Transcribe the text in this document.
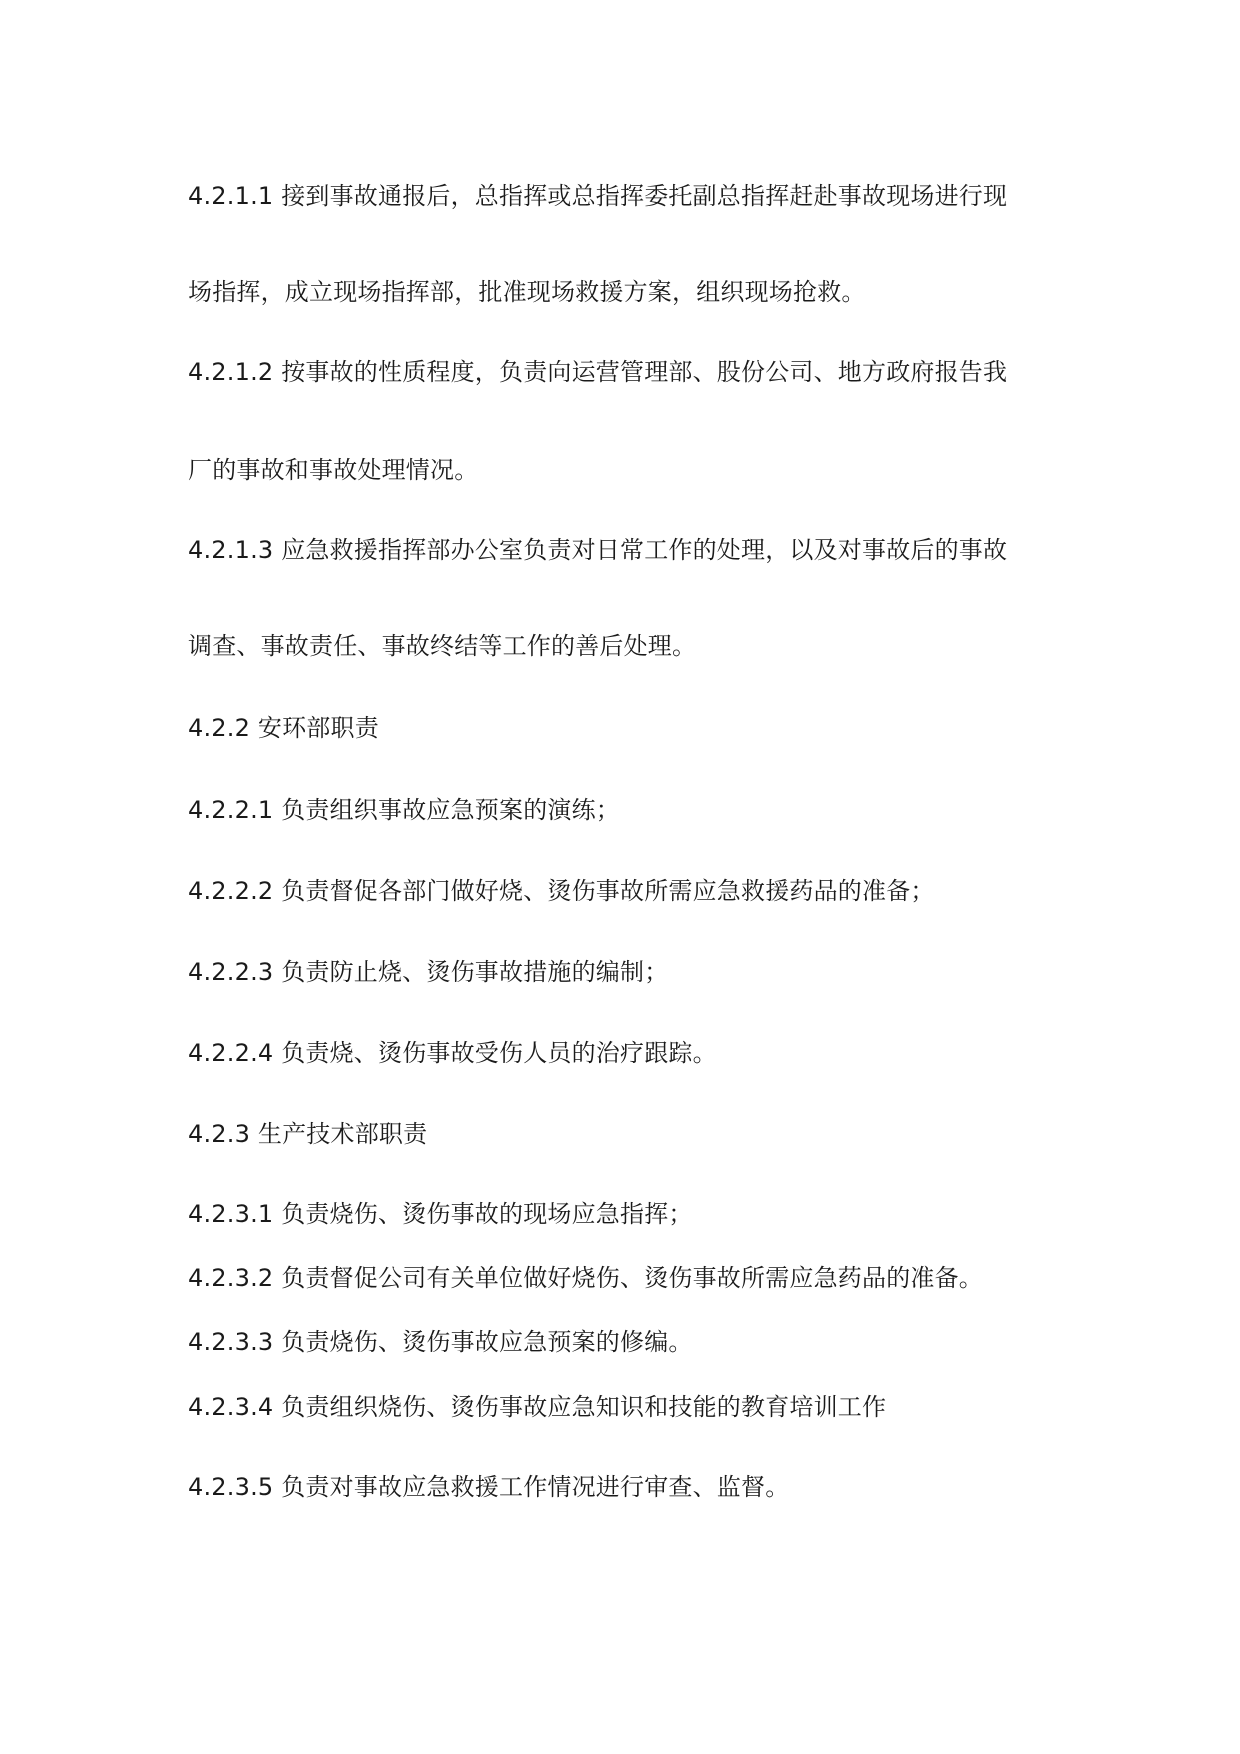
4.2.1.1 接到事故通报后，总指挥或总指挥委托副总指挥赶赴事故现场进行现
场指挥，成立现场指挥部，批准现场救援方案，组织现场抢救。
4.2.1.2 按事故的性质程度，负责向运营管理部、股份公司、地方政府报告我
厂的事故和事故处理情况。
4.2.1.3 应急救援指挥部办公室负责对日常工作的处理，以及对事故后的事故
调查、事故责任、事故终结等工作的善后处理。
4.2.2 安环部职责
4.2.2.1 负责组织事故应急预案的演练；
4.2.2.2 负责督促各部门做好烧、烫伤事故所需应急救援药品的准备；
4.2.2.3 负责防止烧、烫伤事故措施的编制；
4.2.2.4 负责烧、烫伤事故受伤人员的治疗跟踪。
4.2.3 生产技术部职责
4.2.3.1 负责烧伤、烫伤事故的现场应急指挥；
4.2.3.2 负责督促公司有关单位做好烧伤、烫伤事故所需应急药品的准备。
4.2.3.3 负责烧伤、烫伤事故应急预案的修编。
4.2.3.4 负责组织烧伤、烫伤事故应急知识和技能的教育培训工作
4.2.3.5 负责对事故应急救援工作情况进行审查、监督。
